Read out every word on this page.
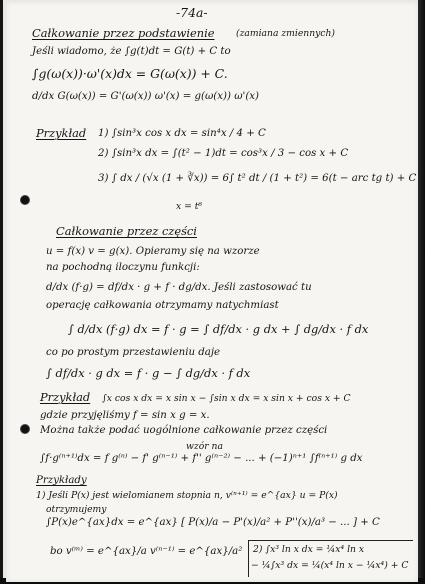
-74a-
Całkowanie przez podstawienie (zamiana zmiennych)
Jeśli wiadomo, że ∫g(t)dt = G(t) + C to
∫g(ω(x))·ω'(x)dx = G(ω(x)) + C.
d/dx G(ω(x)) = G'(ω(x)) ω'(x) = g(ω(x)) ω'(x)
Przykład 1) ∫sin³x cos x dx = sin⁴x / 4 + C
2) ∫sin³x dx = ∫(t² − 1)dt = cos³x / 3 − cos x + C
3) ∫ dx / (√x (1 + ∛x)) = 6∫ t² dt / (1 + t²) = 6(t − arc tg t) + C
x = t⁶
Całkowanie przez części
u = f(x) v = g(x). Opieramy się na wzorze
na pochodną iloczynu funkcji:
d/dx (f·g) = df/dx · g + f · dg/dx. Jeśli zastosować tu
operację całkowania otrzymamy natychmiast
∫ d/dx (f·g) dx = f · g = ∫ df/dx · g dx + ∫ dg/dx · f dx
co po prostym przestawieniu daje
∫ df/dx · g dx = f · g − ∫ dg/dx · f dx
Przykład ∫x cos x dx = x sin x − ∫sin x dx = x sin x + cos x + C
gdzie przyjęliśmy f = sin x g = x.
Można także podać uogólnione całkowanie przez części
wzór na
∫f·g⁽ⁿ⁺¹⁾dx = f g⁽ⁿ⁾ − f' g⁽ⁿ⁻¹⁾ + f'' g⁽ⁿ⁻²⁾ − ... + (−1)ⁿ⁺¹ ∫f⁽ⁿ⁺¹⁾ g dx
Przykłady
1) Jeśli P(x) jest wielomianem stopnia n, v⁽ⁿ⁺¹⁾ = e^{ax} u = P(x)
otrzymujemy
∫P(x)e^{ax}dx = e^{ax} [ P(x)/a − P'(x)/a² + P''(x)/a³ − ... ] + C
bo v⁽ᵐ⁾ = e^{ax}/a v⁽ⁿ⁻¹⁾ = e^{ax}/a² 2) ∫x³ ln x dx = ¼x⁴ ln x
− ¼∫x³ dx = ¼(x⁴ ln x − ¼x⁴) + C
